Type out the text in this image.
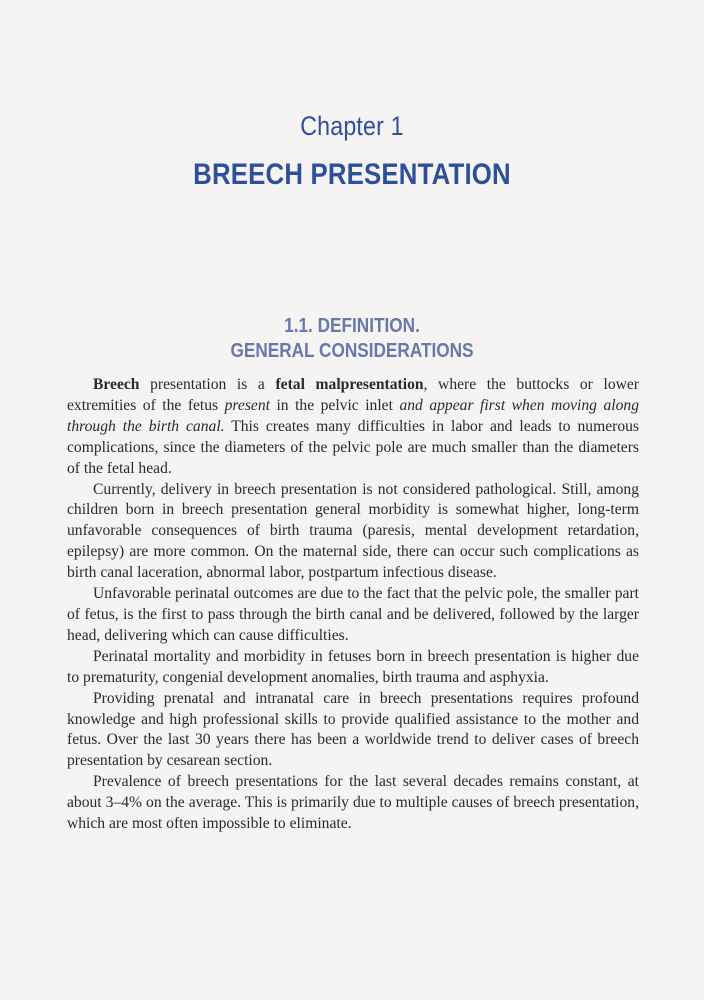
Chapter 1
BREECH PRESENTATION
1.1. DEFINITION.
GENERAL CONSIDERATIONS

Breech presentation is a fetal malpresentation, where the buttocks or lower extremities of the fetus present in the pelvic inlet and appear first when moving along through the birth canal. This creates many difficulties in labor and leads to numerous complications, since the diameters of the pelvic pole are much smaller than the diameters of the fetal head.

Currently, delivery in breech presentation is not considered pathological. Still, among children born in breech presentation general morbidity is somewhat higher, long-term unfavorable consequences of birth trauma (paresis, mental development retardation, epilepsy) are more common. On the maternal side, there can occur such complications as birth canal laceration, abnormal labor, postpartum infectious disease.

Unfavorable perinatal outcomes are due to the fact that the pelvic pole, the smaller part of fetus, is the first to pass through the birth canal and be delivered, followed by the larger head, delivering which can cause difficulties.

Perinatal mortality and morbidity in fetuses born in breech presentation is higher due to prematurity, congenial development anomalies, birth trauma and asphyxia.

Providing prenatal and intranatal care in breech presentations requires profound knowledge and high professional skills to provide qualified assistance to the mother and fetus. Over the last 30 years there has been a worldwide trend to deliver cases of breech presentation by cesarean section.

Prevalence of breech presentations for the last several decades remains constant, at about 3–4% on the average. This is primarily due to multiple causes of breech presentation, which are most often impossible to eliminate.
